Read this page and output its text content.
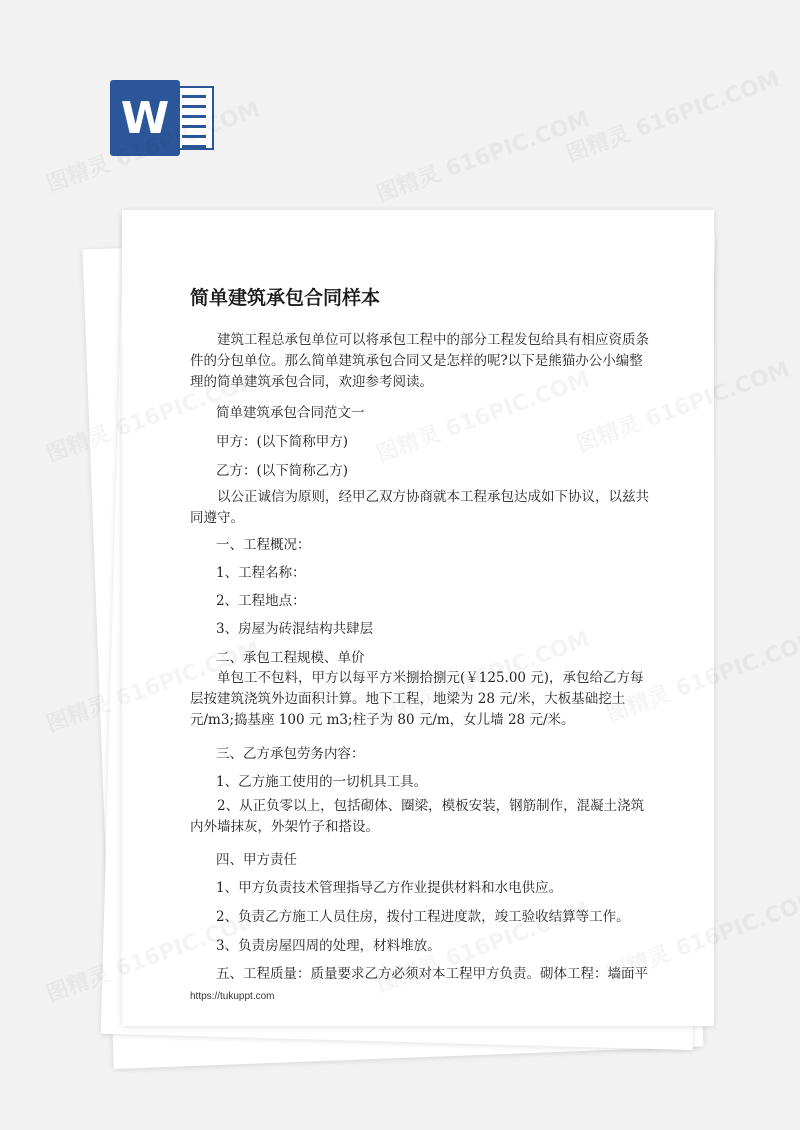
W
简单建筑承包合同样本

建筑工程总承包单位可以将承包工程中的部分工程发包给具有相应资质条件的分包单位。那么简单建筑承包合同又是怎样的呢?以下是熊猫办公小编整理的简单建筑承包合同，欢迎参考阅读。

简单建筑承包合同范文一
甲方：(以下简称甲方)
乙方：(以下简称乙方)

以公正诚信为原则，经甲乙双方协商就本工程承包达成如下协议，以兹共同遵守。

一、工程概况：
1、工程名称：
2、工程地点：
3、房屋为砖混结构共肆层
二、承包工程规模、单价

单包工不包料，甲方以每平方米捌拾捌元(￥125.00 元)，承包给乙方每层按建筑浇筑外边面积计算。地下工程，地梁为 28 元/米，大板基础挖土 元/m3;捣基座 100 元 m3;柱子为 80 元/m，女儿墙 28 元/米。

三、乙方承包劳务内容：
1、乙方施工使用的一切机具工具。

2、从正负零以上，包括砌体、圈梁，模板安装，钢筋制作，混凝土浇筑内外墙抹灰，外架竹子和搭设。

四、甲方责任
1、甲方负责技术管理指导乙方作业提供材料和水电供应。
2、负责乙方施工人员住房，拨付工程进度款，竣工验收结算等工作。
3、负责房屋四周的处理，材料堆放。
五、工程质量：质量要求乙方必须对本工程甲方负责。砌体工程：墙面平
https://tukuppt.com
